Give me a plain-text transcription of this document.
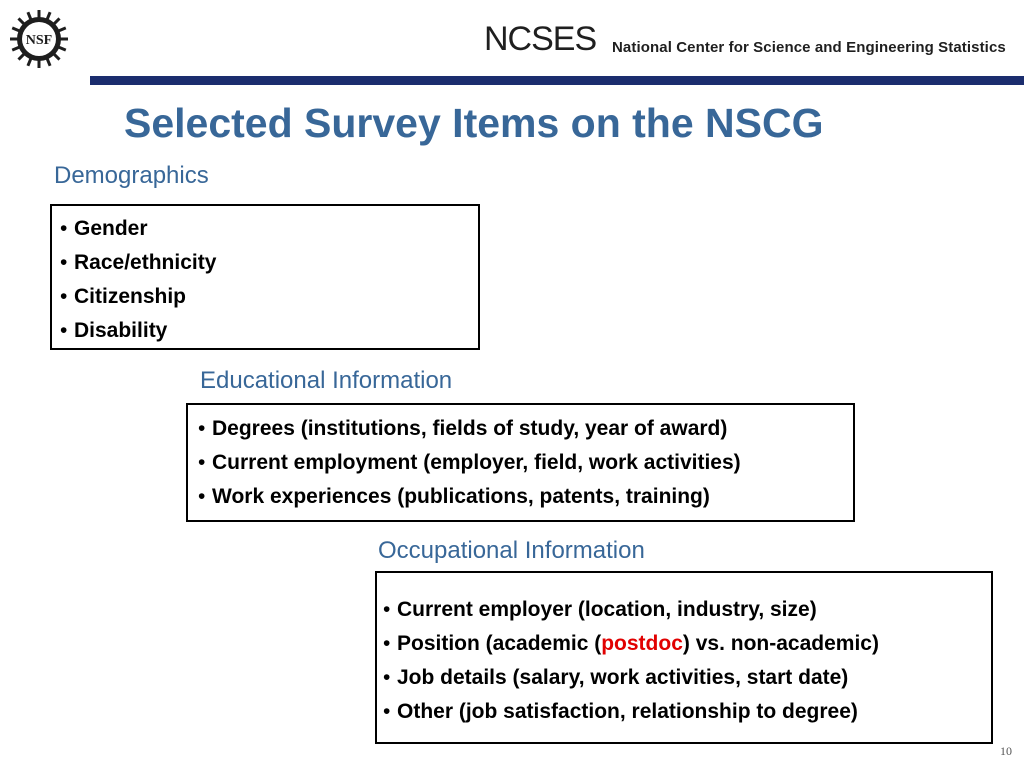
NSF	NCSES National Center for Science and Engineering Statistics
Selected Survey Items on the NSCG
Demographics
• Gender
• Race/ethnicity
• Citizenship
• Disability
Educational Information
• Degrees (institutions, fields of study, year of award)
• Current employment (employer, field, work activities)
• Work experiences (publications, patents, training)
Occupational Information
• Current employer (location, industry, size)
• Position (academic (postdoc) vs. non-academic)
• Job details (salary, work activities, start date)
• Other (job satisfaction, relationship to degree)
10
